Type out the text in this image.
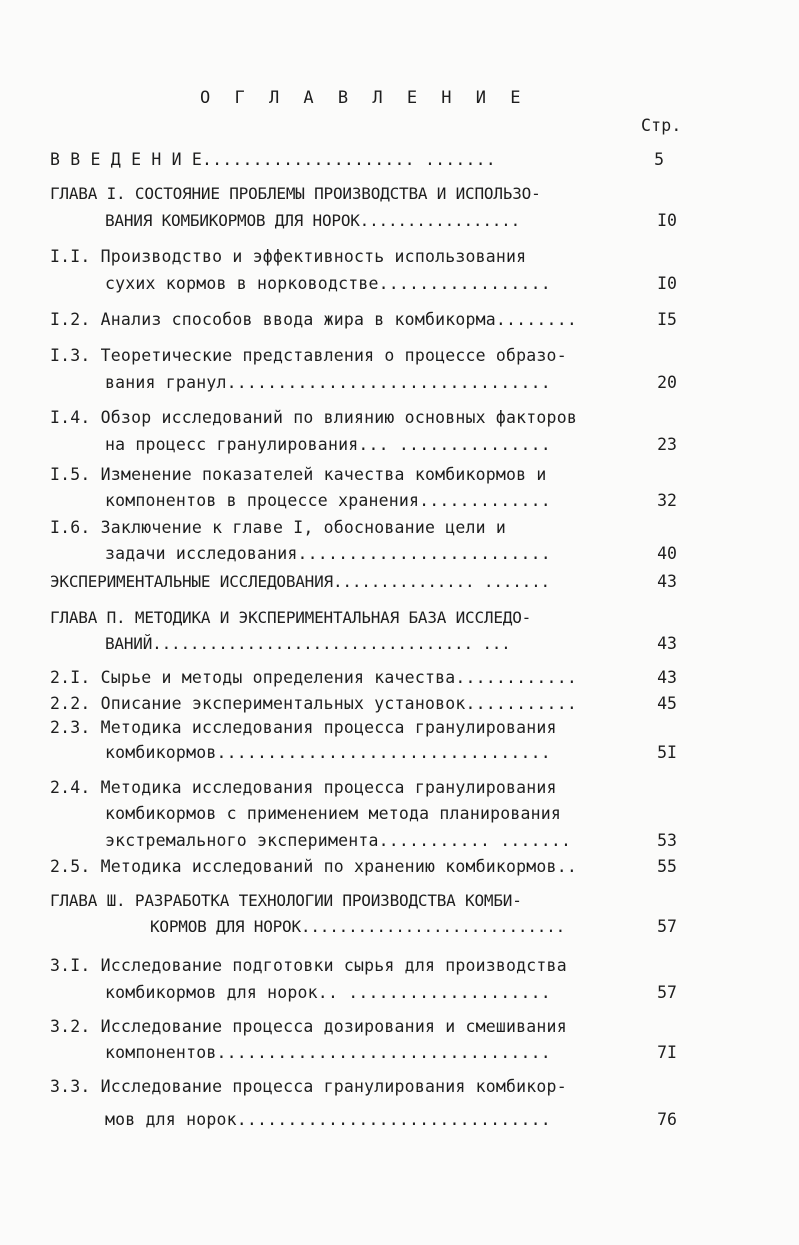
О Г Л А В Л Е Н И Е
Стр.
В В Е Д Е Н И Е..................... .......	5
ГЛАВА I. СОСТОЯНИЕ ПРОБЛЕМЫ ПРОИЗВОДСТВА И ИСПОЛЬЗО-
ВАНИЯ КОМБИКОРМОВ ДЛЯ НОРОК.................	I0
I.I. Производство и эффективность использования
сухих кормов в норководстве.................	I0
I.2. Анализ способов ввода жира в комбикорма........	I5
I.3. Теоретические представления о процессе образо-
вания гранул................................	20
I.4. Обзор исследований по влиянию основных факторов
на процесс гранулирования... ...............	23
I.5. Изменение показателей качества комбикормов и
компонентов в процессе хранения.............	32
I.6. Заключение к главе I, обоснование цели и
задачи исследования.........................	40
ЭКСПЕРИМЕНТАЛЬНЫЕ ИССЛЕДОВАНИЯ............... .......	43
ГЛАВА П. МЕТОДИКА И ЭКСПЕРИМЕНТАЛЬНАЯ БАЗА ИССЛЕДО-
ВАНИЙ.................................. ...	43
2.I. Сырье и методы определения качества............	43
2.2. Описание экспериментальных установок...........	45
2.3. Методика исследования процесса гранулирования
комбикормов.................................	5I
2.4. Методика исследования процесса гранулирования
комбикормов с применением метода планирования
экстремального эксперимента........... .......	53
2.5. Методика исследований по хранению комбикормов..	55
ГЛАВА Ш. РАЗРАБОТКА ТЕХНОЛОГИИ ПРОИЗВОДСТВА КОМБИ-
КОРМОВ ДЛЯ НОРОК............................	57
3.I. Исследование подготовки сырья для производства
комбикормов для норок.. ....................	57
3.2. Исследование процесса дозирования и смешивания
компонентов.................................	7I
3.3. Исследование процесса гранулирования комбикор-
мов для норок...............................	76
